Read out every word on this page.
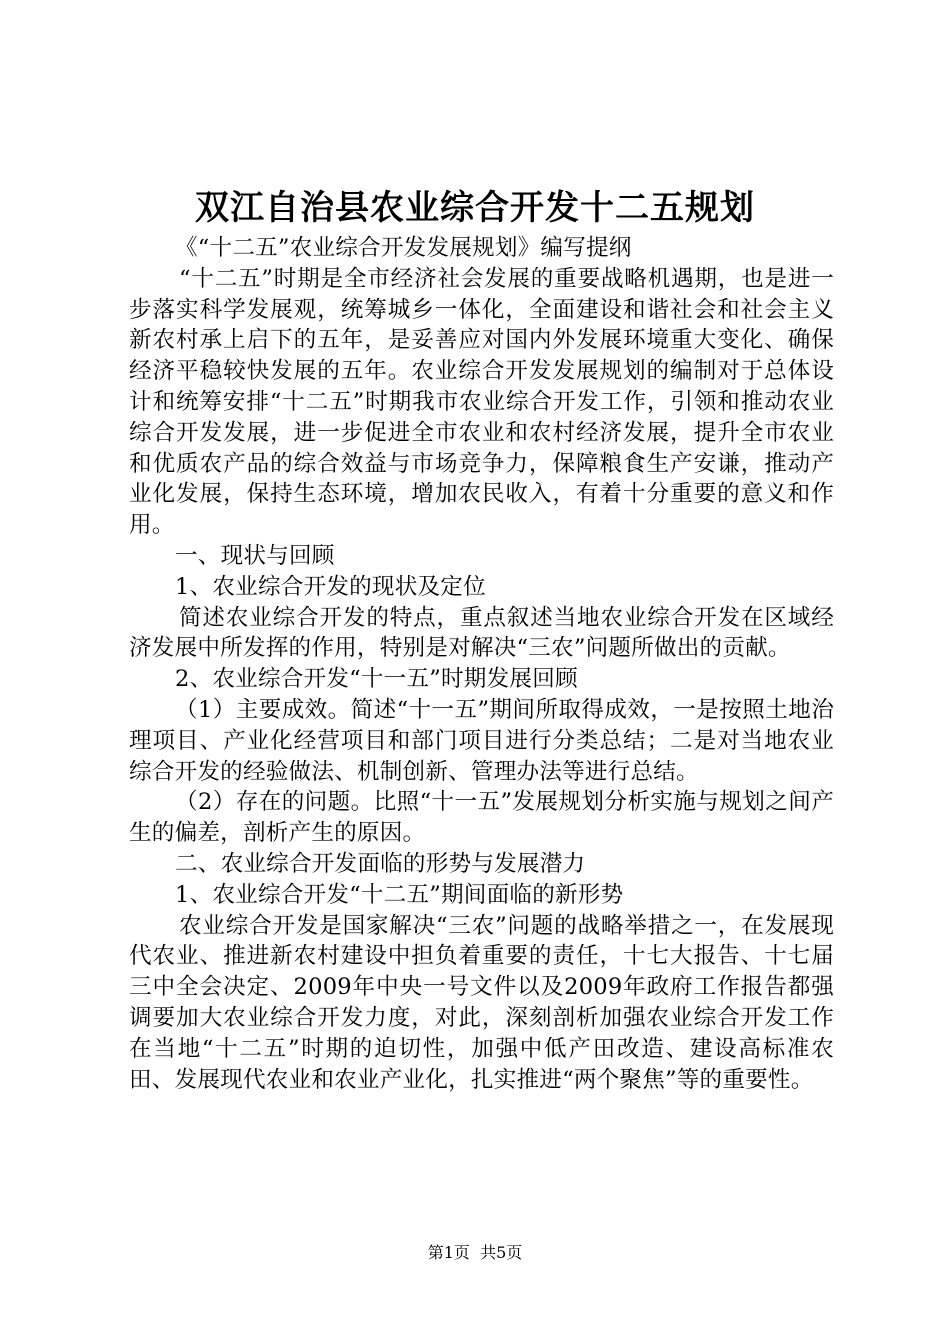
双江自治县农业综合开发十二五规划

《“十二五”农业综合开发发展规划》编写提纲

“十二五”时期是全市经济社会发展的重要战略机遇期，也是进一步落实科学发展观，统筹城乡一体化，全面建设和谐社会和社会主义新农村承上启下的五年，是妥善应对国内外发展环境重大变化、确保经济平稳较快发展的五年。农业综合开发发展规划的编制对于总体设计和统筹安排“十二五”时期我市农业综合开发工作，引领和推动农业综合开发发展，进一步促进全市农业和农村经济发展，提升全市农业和优质农产品的综合效益与市场竞争力，保障粮食生产安谦，推动产业化发展，保持生态环境，增加农民收入，有着十分重要的意义和作用。

一、现状与回顾

1、农业综合开发的现状及定位

简述农业综合开发的特点，重点叙述当地农业综合开发在区域经济发展中所发挥的作用，特别是对解决“三农”问题所做出的贡献。

2、农业综合开发“十一五”时期发展回顾

（1）主要成效。简述“十一五”期间所取得成效，一是按照土地治理项目、产业化经营项目和部门项目进行分类总结；二是对当地农业综合开发的经验做法、机制创新、管理办法等进行总结。

（2）存在的问题。比照“十一五”发展规划分析实施与规划之间产生的偏差，剖析产生的原因。

二、农业综合开发面临的形势与发展潜力

1、农业综合开发“十二五”期间面临的新形势

农业综合开发是国家解决“三农”问题的战略举措之一，在发展现代农业、推进新农村建设中担负着重要的责任，十七大报告、十七届三中全会决定、2009年中央一号文件以及2009年政府工作报告都强调要加大农业综合开发力度，对此，深刻剖析加强农业综合开发工作在当地“十二五”时期的迫切性，加强中低产田改造、建设高标准农田、发展现代农业和农业产业化，扎实推进“两个聚焦”等的重要性。

第1页 共5页
